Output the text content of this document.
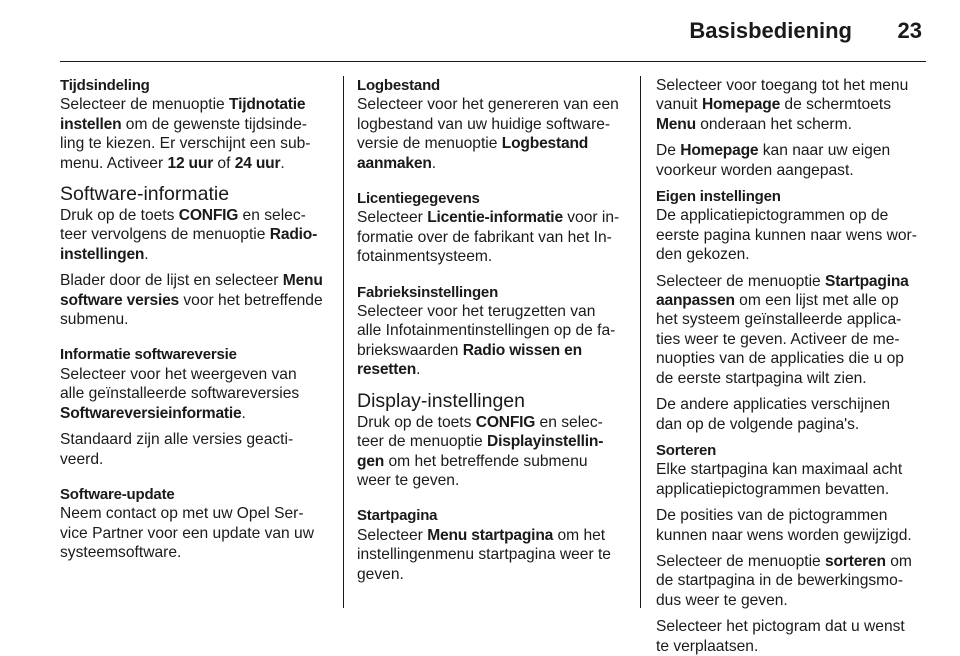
Basisbediening 23
Tijdsindeling

Selecteer de menuoptie Tijdnotatie
instellen om de gewenste tijdsinde-
ling te kiezen. Er verschijnt een sub-
menu. Activeer 12 uur of 24 uur.

Software-informatie

Druk op de toets CONFIG en selec-
teer vervolgens de menuoptie Radio-
instellingen.

Blader door de lijst en selecteer Menu
software versies voor het betreffende
submenu.

Informatie softwareversie

Selecteer voor het weergeven van
alle geïnstalleerde softwareversies
Softwareversieinformatie.

Standaard zijn alle versies geacti-
veerd.

Software-update

Neem contact op met uw Opel Ser-
vice Partner voor een update van uw
systeemsoftware.

Logbestand

Selecteer voor het genereren van een
logbestand van uw huidige software-
versie de menuoptie Logbestand
aanmaken.

Licentiegegevens

Selecteer Licentie-informatie voor in-
formatie over de fabrikant van het In-
fotainmentsysteem.

Fabrieksinstellingen

Selecteer voor het terugzetten van
alle Infotainmentinstellingen op de fa-
briekswaarden Radio wissen en
resetten.

Display-instellingen

Druk op de toets CONFIG en selec-
teer de menuoptie Displayinstellin-
gen om het betreffende submenu
weer te geven.

Startpagina

Selecteer Menu startpagina om het
instellingenmenu startpagina weer te
geven.

Selecteer voor toegang tot het menu
vanuit Homepage de schermtoets
Menu onderaan het scherm.

De Homepage kan naar uw eigen
voorkeur worden aangepast.

Eigen instellingen

De applicatiepictogrammen op de
eerste pagina kunnen naar wens wor-
den gekozen.

Selecteer de menuoptie Startpagina
aanpassen om een lijst met alle op
het systeem geïnstalleerde applica-
ties weer te geven. Activeer de me-
nuopties van de applicaties die u op
de eerste startpagina wilt zien.

De andere applicaties verschijnen
dan op de volgende pagina's.

Sorteren

Elke startpagina kan maximaal acht
applicatiepictogrammen bevatten.

De posities van de pictogrammen
kunnen naar wens worden gewijzigd.

Selecteer de menuoptie sorteren om
de startpagina in de bewerkingsmo-
dus weer te geven.

Selecteer het pictogram dat u wenst
te verplaatsen.
